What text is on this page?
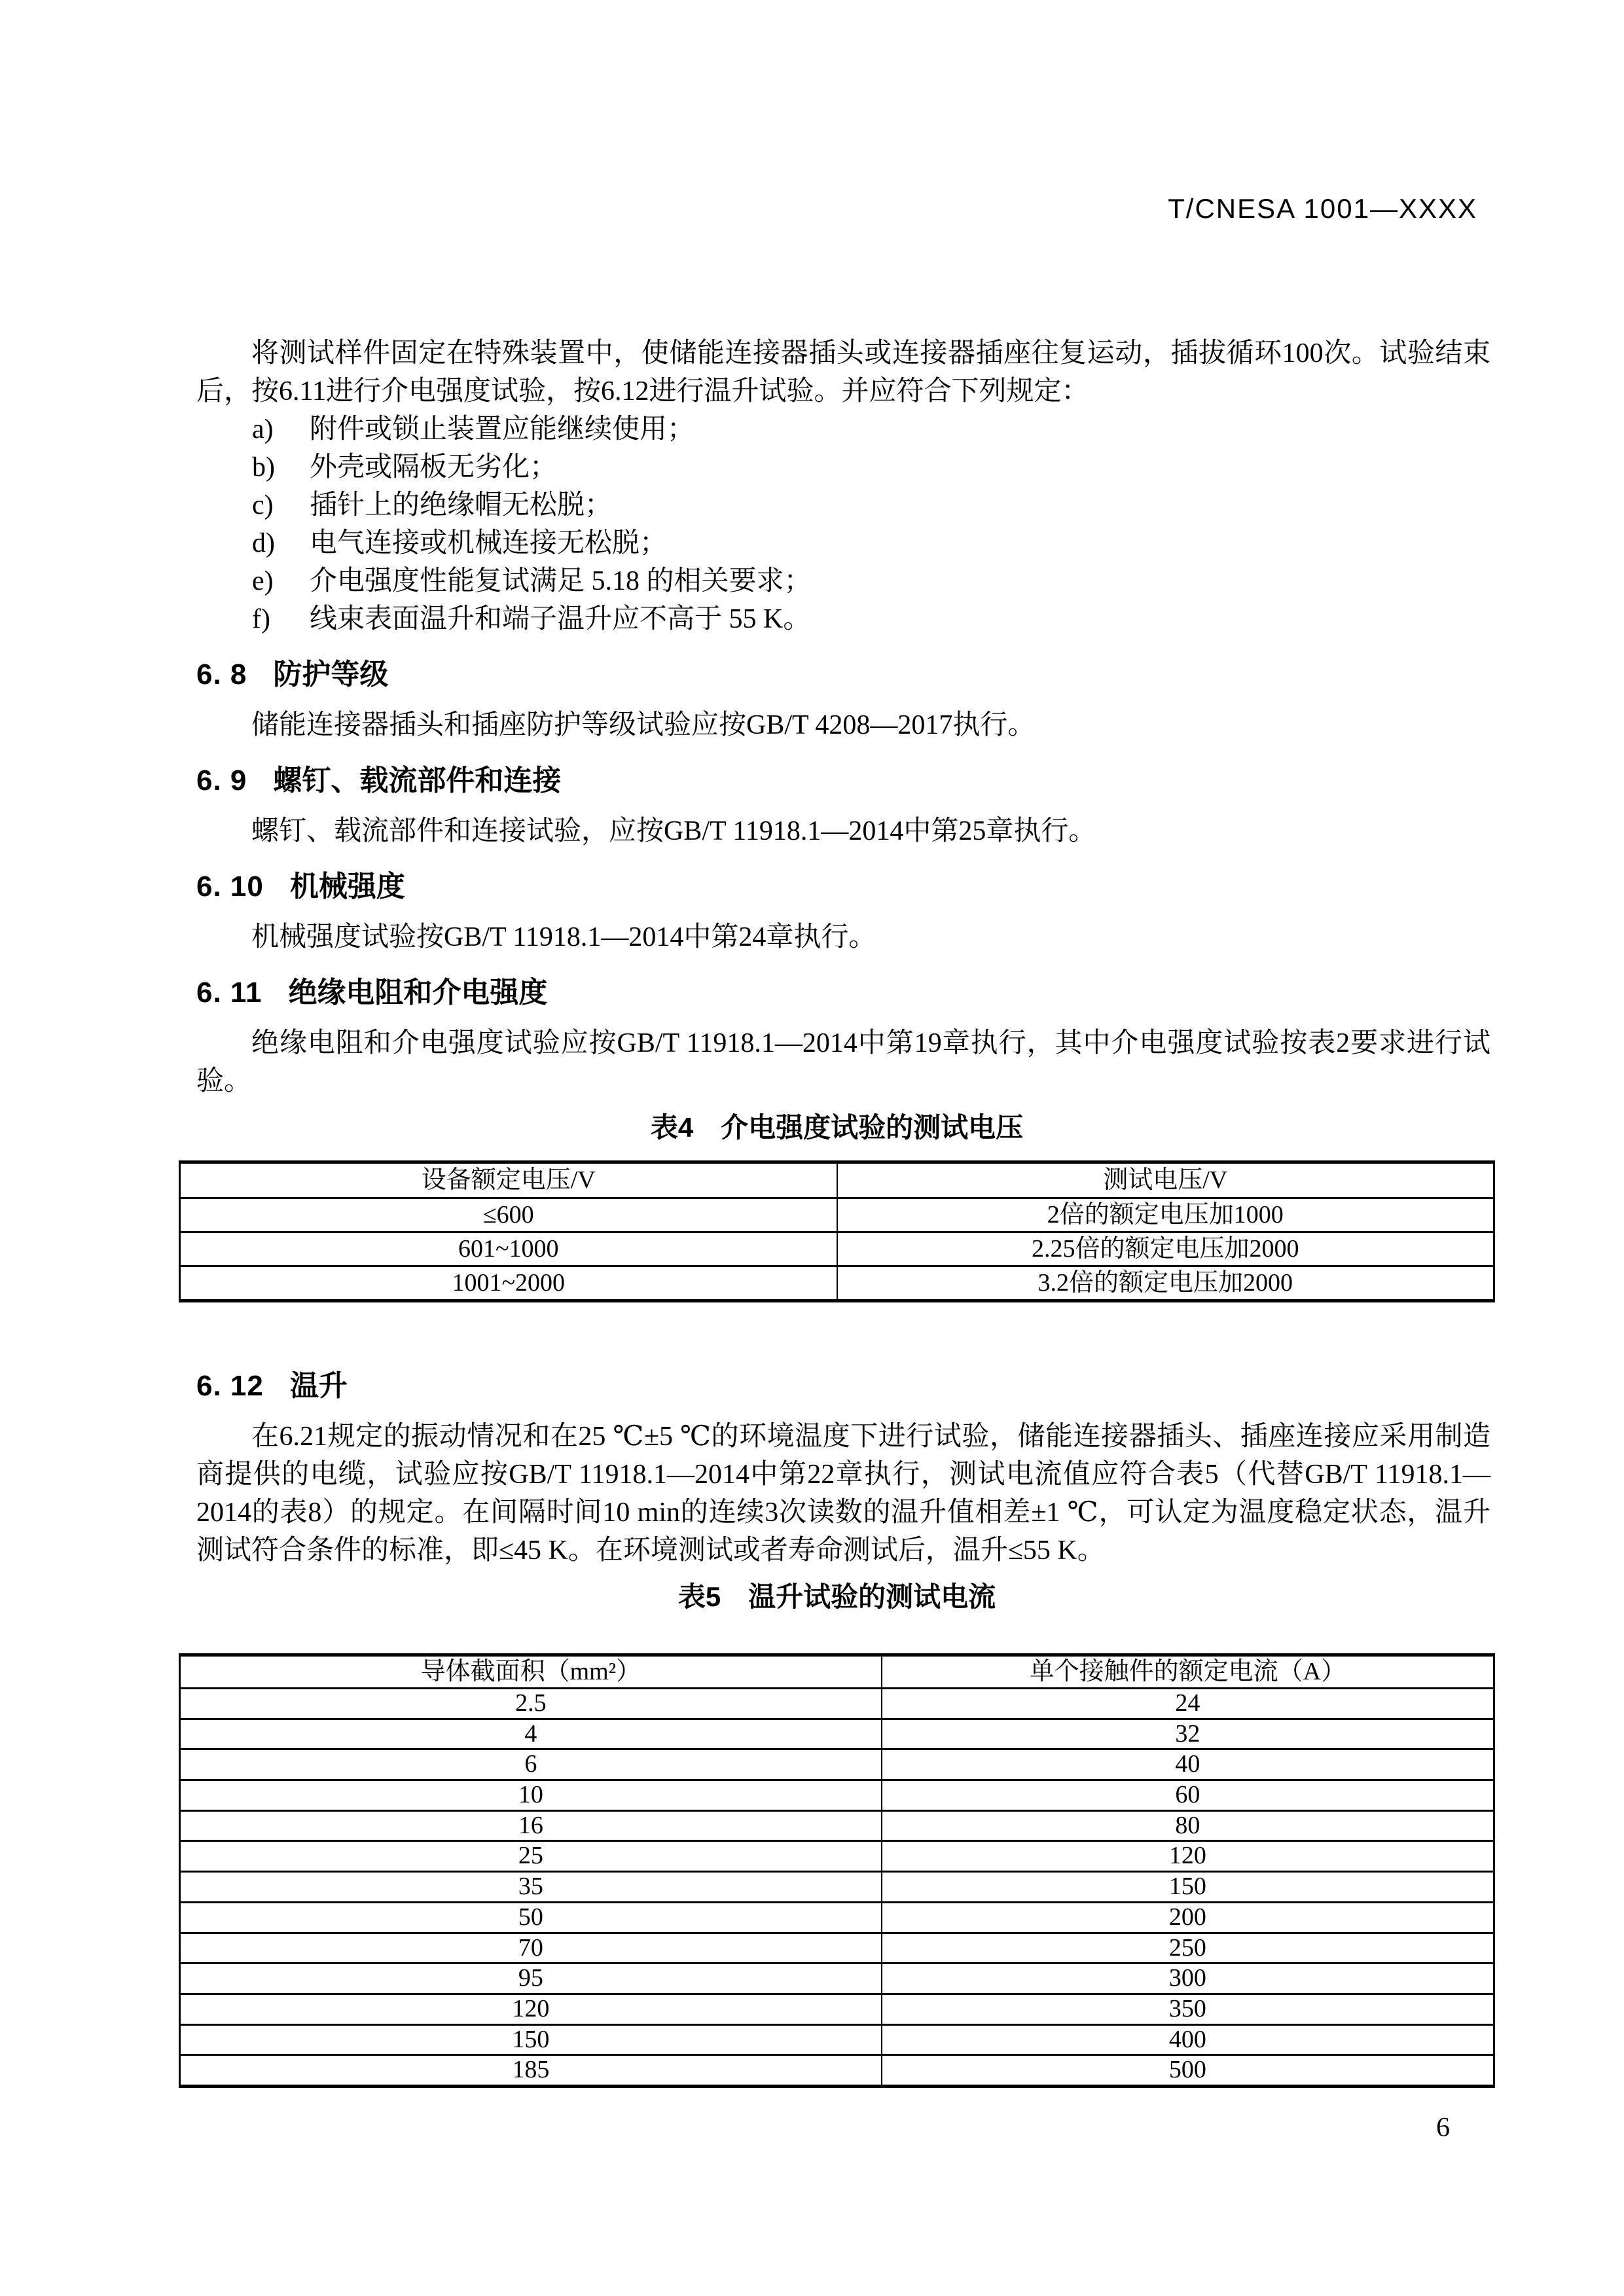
T/CNESA 1001—XXXX

将测试样件固定在特殊装置中，使储能连接器插头或连接器插座往复运动，插拔循环100次。试验结束后，按6.11进行介电强度试验，按6.12进行温升试验。并应符合下列规定：

a)	附件或锁止装置应能继续使用；
b)	外壳或隔板无劣化；
c)	插针上的绝缘帽无松脱；
d)	电气连接或机械连接无松脱；
e)	介电强度性能复试满足 5.18 的相关要求；
f)	线束表面温升和端子温升应不高于 55 K。
6. 8 防护等级

储能连接器插头和插座防护等级试验应按GB/T 4208—2017执行。

6. 9 螺钉、载流部件和连接

螺钉、载流部件和连接试验，应按GB/T 11918.1—2014中第25章执行。

6. 10 机械强度

机械强度试验按GB/T 11918.1—2014中第24章执行。

6. 11 绝缘电阻和介电强度

绝缘电阻和介电强度试验应按GB/T 11918.1—2014中第19章执行，其中介电强度试验按表2要求进行试验。

表4　介电强度试验的测试电压
设备额定电压/V	测试电压/V
≤600	2倍的额定电压加1000
601~1000	2.25倍的额定电压加2000
1001~2000	3.2倍的额定电压加2000
6. 12 温升

在6.21规定的振动情况和在25 ℃±5 ℃的环境温度下进行试验，储能连接器插头、插座连接应采用制造商提供的电缆，试验应按GB/T 11918.1—2014中第22章执行，测试电流值应符合表5（代替GB/T 11918.1—2014的表8）的规定。在间隔时间10 min的连续3次读数的温升值相差±1 ℃，可认定为温度稳定状态，温升测试符合条件的标准，即≤45 K。在环境测试或者寿命测试后，温升≤55 K。

表5　温升试验的测试电流
导体截面积（mm²）	单个接触件的额定电流（A）
2.5	24
4	32
6	40
10	60
16	80
25	120
35	150
50	200
70	250
95	300
120	350
150	400
185	500
6
